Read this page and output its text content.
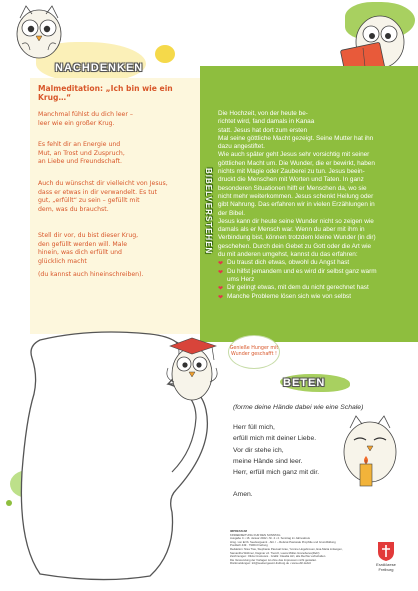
NACHDENKEN
Malmeditation: „Ich bin wie ein Krug…“
Manchmal fühlst du dich leer –
leer wie ein großer Krug.
Es fehlt dir an Energie und
Mut, an Trost und Zuspruch,
an Liebe und Freundschaft.
Auch du wünschst dir vielleicht von Jesus,
dass er etwas in dir verwandelt. Es tut
gut, „erfüllt“ zu sein – gefüllt mit
dem, was du brauchst.
Stell dir vor, du bist dieser Krug,
den gefüllt werden will. Male
hinein, was dich erfüllt und
glücklich macht
(du kannst auch hineinschreiben).
BIBELVERSTEHEN

Die Hochzeit, von der heute be-

richtet wird, fand damals in Kanaa

statt. Jesus hat dort zum ersten

Mal seine göttliche Macht gezeigt. Seine Mutter hat ihn

dazu angestiftet.

Wie auch später geht Jesus sehr vorsichtig mit seiner

göttlichen Macht um. Die Wunder, die er bewirkt, haben

nichts mit Magie oder Zauberei zu tun. Jesus beein-

druckt die Menschen mit Worten und Taten. In ganz

besonderen Situationen hilft er Menschen da, wo sie

nicht mehr weiterkommen. Jesus schenkt Heilung oder

gibt Nahrung. Das erfahren wir in vielen Erzählungen in

der Bibel.

Jesus kann dir heute seine Wunder nicht so zeigen wie

damals als er Mensch war. Wenn du aber mit ihm in

Verbindung bist, können trotzdem kleine Wunder (in dir)

geschehen. Durch dein Gebet zu Gott oder die Art wie

du mit anderen umgehst, kannst du das erfahren:

❤ Du traust dich etwas, obwohl du Angst hast
❤ Du hilfst jemandem und es wird dir selbst ganz warm
ums Herz
❤ Dir gelingt etwas, mit dem du nicht gerechnet hast
❤ Manche Probleme lösen sich wie von selbst
Genieße Hunger mit
Wunder geschafft !
BETEN
(forme deine Hände dabei wie eine Schale)
Herr füll mich,
erfüll mich mit deiner Liebe.
Vor dir stehe ich,
meine Hände sind leer.
Herr, erfüll mich ganz mit dir.
Amen.
IMPRESSUM
KINDERZEITUNG FÜR DEN SONNTAG
Ausgabe C • 16. Januar 2022 • Nr. 4 • 2. Sonntag im Jahreskreis
Hrsg. von Erzb. Seelsorgeamt · Abt. I – Referat Pastorale Prophilie und Grundbildung
Postfach 449 · 79004 Freiburg
Redaktion: Nisa Tras, Stephanie Pascual Grau, Yvonne Hogebrouen, Eva-Maria Linkeigen,
Samantha Widtmer, Dagmar vd. Trench, Laura Müller-Granoberes(ReN)
Zeichnungen: Olivia Crestoreis · Grafik: Claudia Hirt, alle Rechte vorbehalten.
Die Verwendung der Vorlagen ist ohne das Impressum nicht gestattet.
Rückmeldungen: kiz@seelsorgeamt-freiburg.de • www.ebfr.de/kiz	Erzdiözese
Freiburg
